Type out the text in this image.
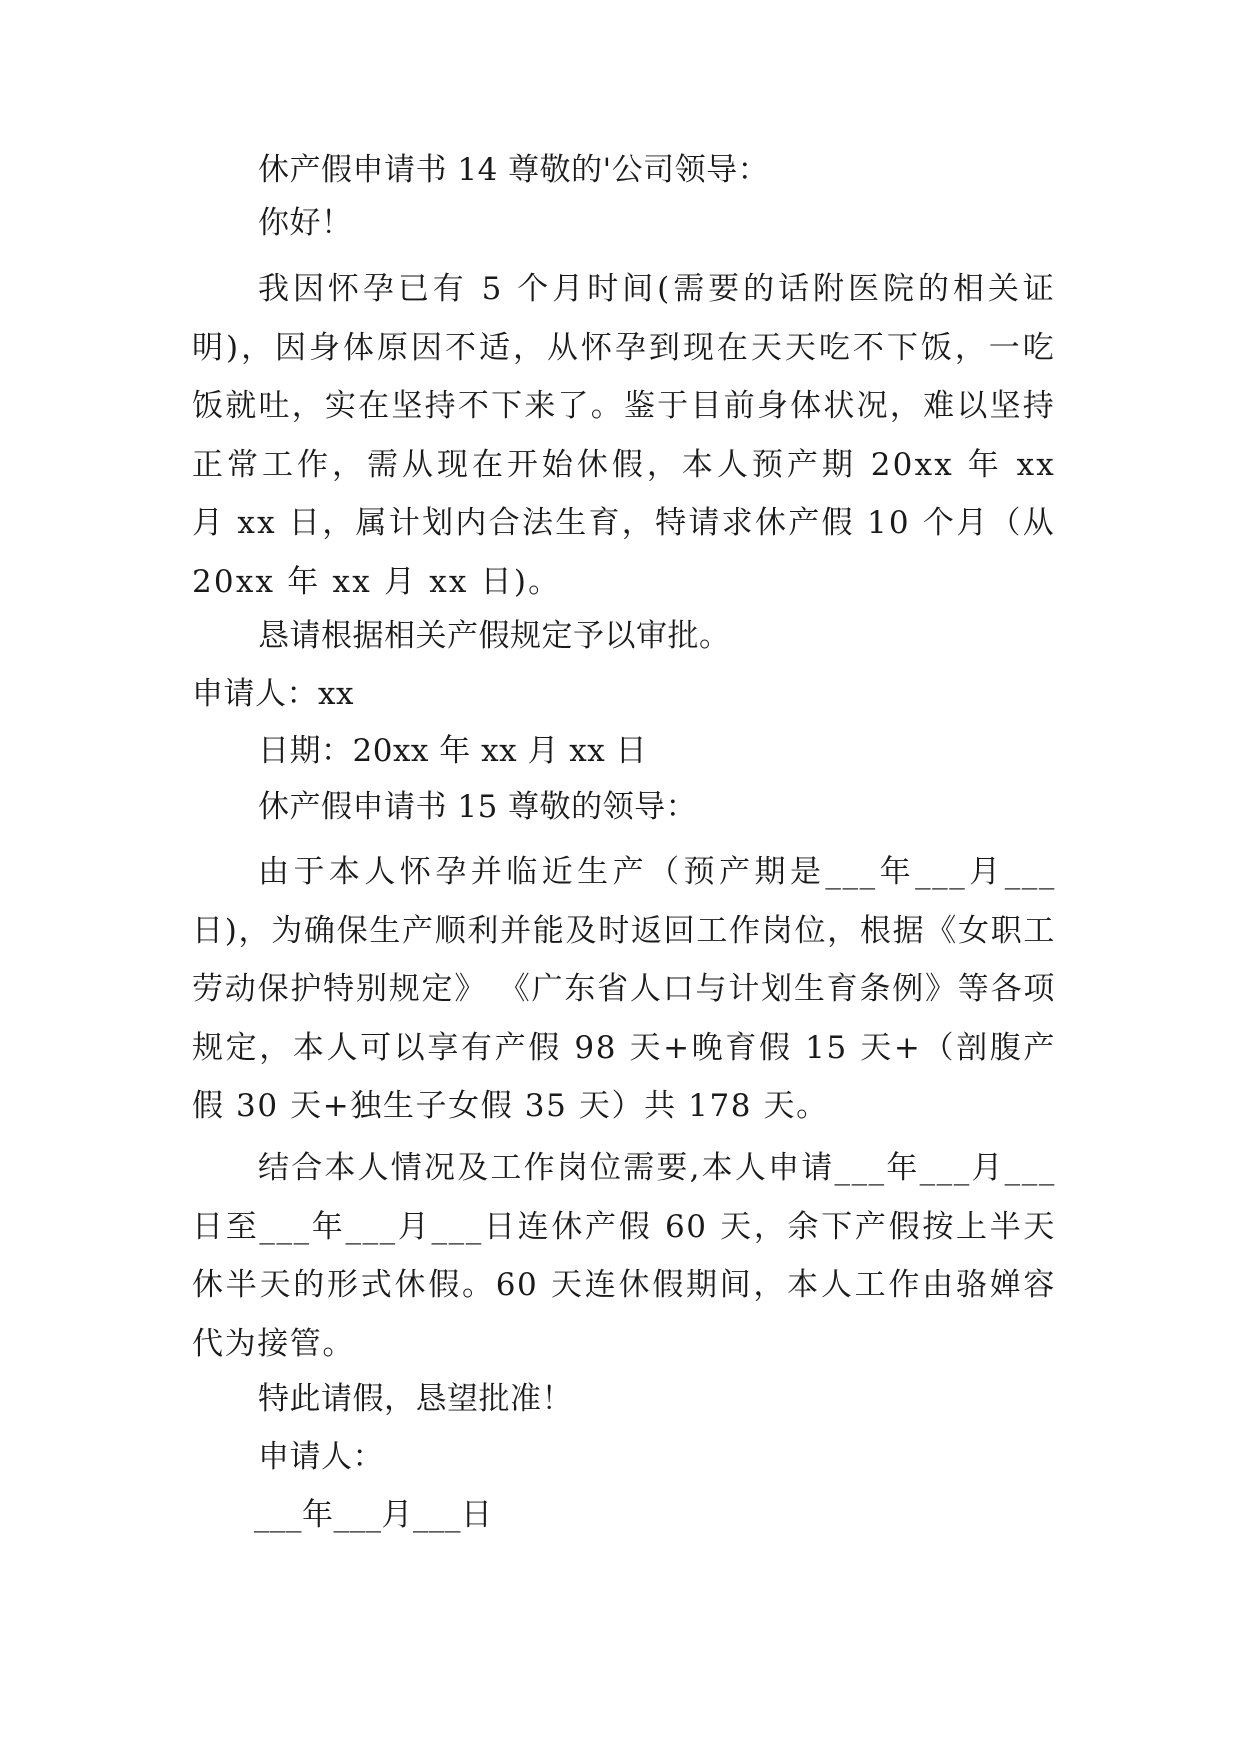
休产假申请书 14 尊敬的'公司领导：
你好！
我因怀孕已有 5 个月时间(需要的话附医院的相关证明)，因身体原因不适，从怀孕到现在天天吃不下饭，一吃饭就吐，实在坚持不下来了。鉴于目前身体状况，难以坚持正常工作，需从现在开始休假，本人预产期 20xx 年 xx 月 xx 日，属计划内合法生育，特请求休产假 10 个月（从 20xx 年 xx 月 xx 日)。
恳请根据相关产假规定予以审批。
申请人：xx
日期：20xx 年 xx 月 xx 日
休产假申请书 15 尊敬的领导：
由于本人怀孕并临近生产（预产期是___年___月___日)，为确保生产顺利并能及时返回工作岗位，根据《女职工劳动保护特别规定》 《广东省人口与计划生育条例》等各项规定，本人可以享有产假 98 天+晚育假 15 天+（剖腹产假 30 天+独生子女假 35 天）共 178 天。
结合本人情况及工作岗位需要,本人申请___年___月___日至___年___月___日连休产假 60 天，余下产假按上半天休半天的形式休假。60 天连休假期间，本人工作由骆婵容代为接管。
特此请假，恳望批准！
申请人：
___年___月___日
